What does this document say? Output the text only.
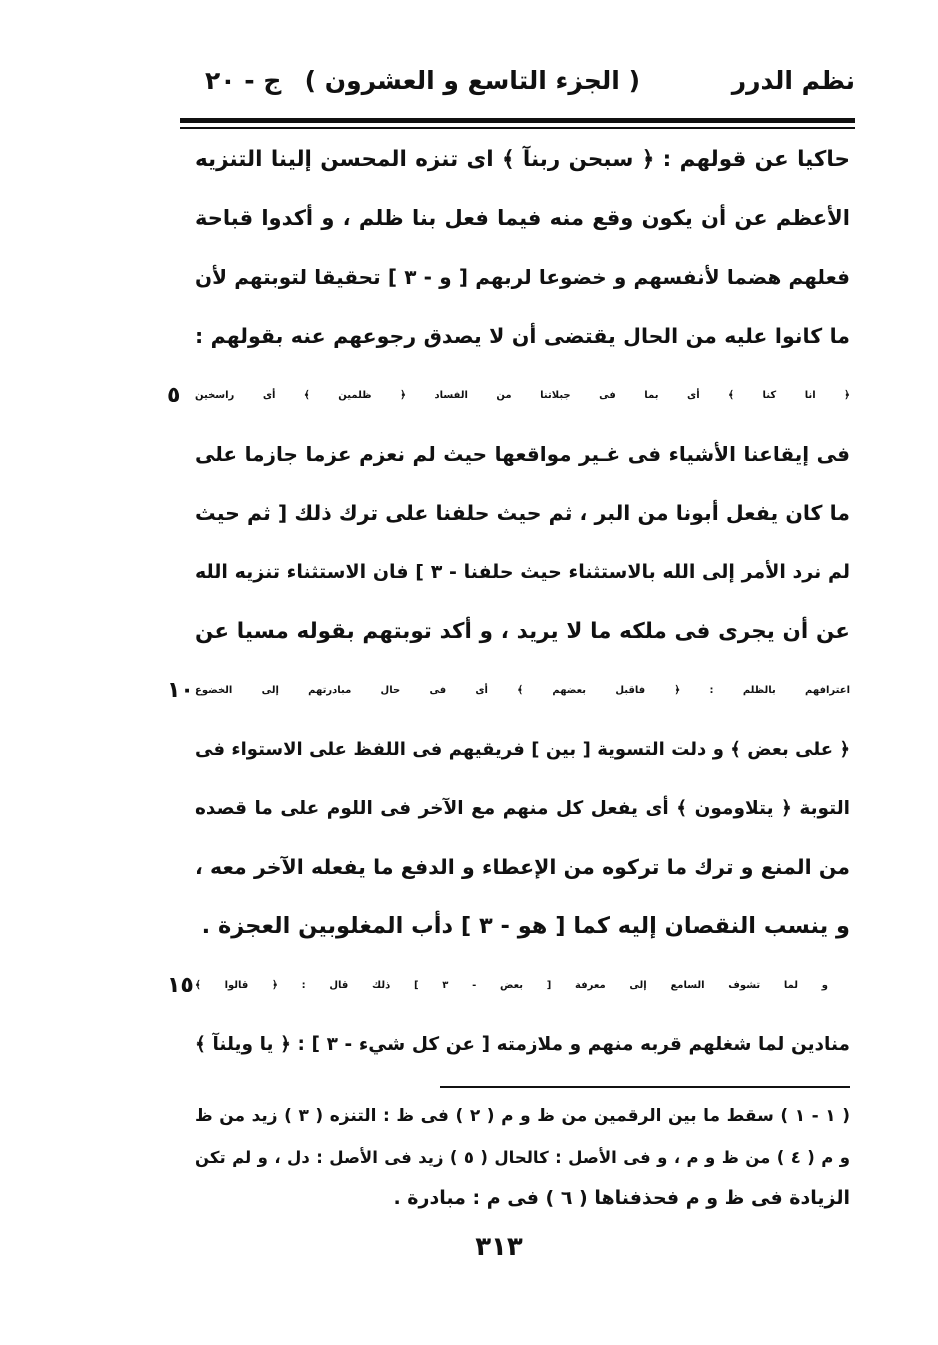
نظم الدرر
( الجزء التاسع و العشرون )
ج - ٢٠
حاكيا عن قولهم : ﴿ سبحن ربنآ ﴾ اى تنزه المحسن إلينا التنزيه
الأعظم عن أن يكون وقع منه فيما فعل بنا ظلم ، و أكدوا قباحة
فعلهم هضما لأنفسهم و خضوعا لربهم [ و - ٣ ] تحقيقا لتوبتهم لأن
ما كانوا عليه من الحال يقتضى أن لا يصدق رجوعهم عنه بقولهم :
﴿ انا كنا ﴾ أى بما فى جبلاتنا من الفساد ﴿ ظلمين ﴾ أى راسخين
٥
فى إيقاعنا الأشياء فى غـير مواقعها حيث لم نعزم عزما جازما على
ما كان يفعل أبونا من البر ، ثم حيث حلفنا على ترك ذلك [ ثم حيث
لم نرد الأمر إلى الله بالاستثناء حيث حلفنا - ٣ ] فان الاستثناء تنزيه الله
عن أن يجرى فى ملكه ما لا يريد ، و أكد توبتهم بقوله مسيا عن
اعترافهم بالظلم : ﴿ فاقبل بعضهم ﴾ أى فى حال مبادرتهم إلى الخضوع
١٠
﴿ على بعض ﴾ و دلت التسوية [ بين ] فريقيهم فى اللفظ على الاستواء فى
التوبة ﴿ يتلاومون ﴾ أى يفعل كل منهم مع الآخر فى اللوم على ما قصده
من المنع و ترك ما تركوه من الإعطاء و الدفع ما يفعله الآخر معه ،
و ينسب النقصان إليه كما [ هو - ٣ ] دأب المغلوبين العجزة .
و لما تشوف السامع إلى معرفة [ بعض - ٣ ] ذلك قال : ﴿ قالوا ﴾
١٥
منادين لما شغلهم قربه منهم و ملازمته [ عن كل شيء - ٣ ] : ﴿ يا ويلنآ ﴾
( ١ - ١ ) سقط ما بين الرقمين من ظ و م ( ٢ ) فى ظ : التنزه ( ٣ ) زيد من ظ
و م ( ٤ ) من ظ و م ، و فى الأصل : كالحال ( ٥ ) زيد فى الأصل : دل ، و لم تكن
الزيادة فى ظ و م فحذفناها ( ٦ ) فى م : مبادرة .
٣١٣
